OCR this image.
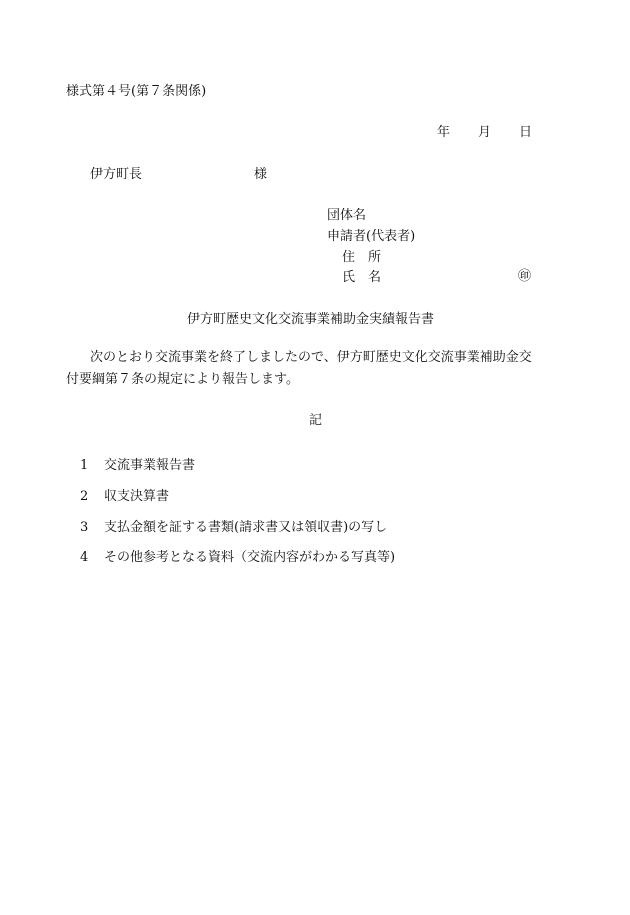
様式第４号(第７条関係)
年 月 日
伊方町長	様
団体名
申請者(代表者)
住　所
氏　名	㊞
伊方町歴史文化交流事業補助金実績報告書
次のとおり交流事業を終了しましたので、伊方町歴史文化交流事業補助金交
付要綱第７条の規定により報告します。
記
1 交流事業報告書
2 収支決算書
3 支払金額を証する書類(請求書又は領収書)の写し
4 その他参考となる資料（交流内容がわかる写真等)
